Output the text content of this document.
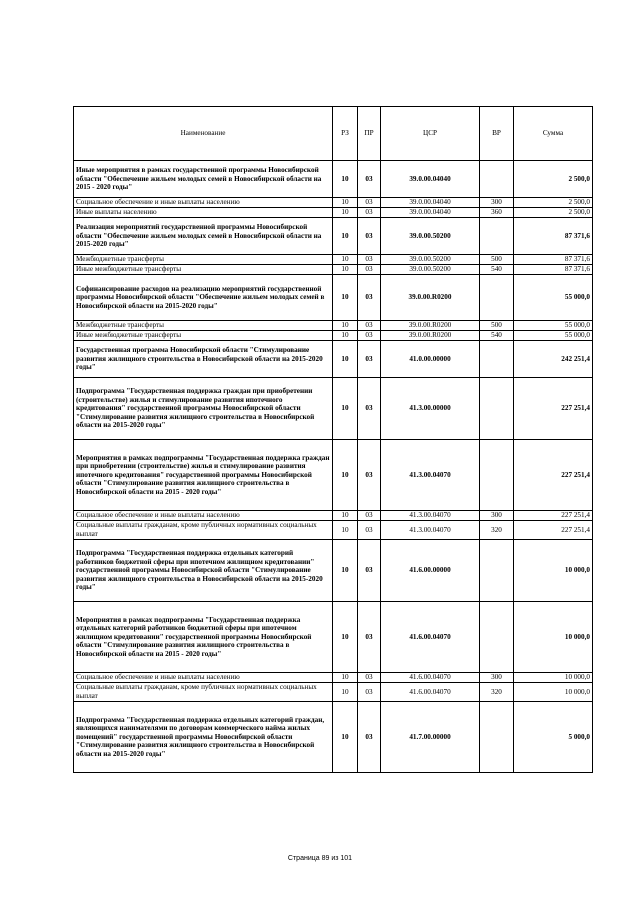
Наименование	РЗ	ПР	ЦСР	ВР	Сумма
Иные мероприятия в рамках государственной программы Новосибирской области "Обеспечение жильем молодых семей в Новосибирской области на 2015 - 2020 годы"	10	03	39.0.00.04040		2 500,0
Социальное обеспечение и иные выплаты населению	10	03	39.0.00.04040	300	2 500,0
Иные выплаты населению	10	03	39.0.00.04040	360	2 500,0
Реализация мероприятий государственной программы Новосибирской области "Обеспечение жильем молодых семей в Новосибирской области на 2015-2020 годы"	10	03	39.0.00.50200		87 371,6
Межбюджетные трансферты	10	03	39.0.00.50200	500	87 371,6
Иные межбюджетные трансферты	10	03	39.0.00.50200	540	87 371,6
Софинансирование расходов на реализацию мероприятий государственной программы Новосибирской области "Обеспечение жильем молодых семей в Новосибирской области на 2015-2020 годы"	10	03	39.0.00.R0200		55 000,0
Межбюджетные трансферты	10	03	39.0.00.R0200	500	55 000,0
Иные межбюджетные трансферты	10	03	39.0.00.R0200	540	55 000,0
Государственная программа Новосибирской области "Стимулирование развития жилищного строительства в Новосибирской области на 2015-2020 годы"	10	03	41.0.00.00000		242 251,4
Подпрограмма "Государственная поддержка граждан при приобретении (строительстве) жилья и стимулирование развития ипотечного кредитования" государственной программы Новосибирской области "Стимулирование развития жилищного строительства в Новосибирской области на 2015-2020 годы"	10	03	41.3.00.00000		227 251,4
Мероприятия в рамках подпрограммы "Государственная поддержка граждан при приобретении (строительстве) жилья и стимулирование развития ипотечного кредитования" государственной программы Новосибирской области "Стимулирование развития жилищного строительства в Новосибирской области на 2015 - 2020 годы"	10	03	41.3.00.04070		227 251,4
Социальное обеспечение и иные выплаты населению	10	03	41.3.00.04070	300	227 251,4
Социальные выплаты гражданам, кроме публичных нормативных социальных выплат	10	03	41.3.00.04070	320	227 251,4
Подпрограмма "Государственная поддержка отдельных категорий работников бюджетной сферы при ипотечном жилищном кредитовании" государственной программы Новосибирской области "Стимулирование развития жилищного строительства в Новосибирской области на 2015-2020 годы"	10	03	41.6.00.00000		10 000,0
Мероприятия в рамках подпрограммы "Государственная поддержка отдельных категорий работников бюджетной сферы при ипотечном жилищном кредитовании" государственной программы Новосибирской области "Стимулирование развития жилищного строительства в Новосибирской области на 2015 - 2020 годы"	10	03	41.6.00.04070		10 000,0
Социальное обеспечение и иные выплаты населению	10	03	41.6.00.04070	300	10 000,0
Социальные выплаты гражданам, кроме публичных нормативных социальных выплат	10	03	41.6.00.04070	320	10 000,0
Подпрограмма "Государственная поддержка отдельных категорий граждан, являющихся нанимателями по договорам коммерческого найма жилых помещений" государственной программы Новосибирской области "Стимулирование развития жилищного строительства в Новосибирской области на 2015-2020 годы"	10	03	41.7.00.00000		5 000,0
Страница 89 из 101
